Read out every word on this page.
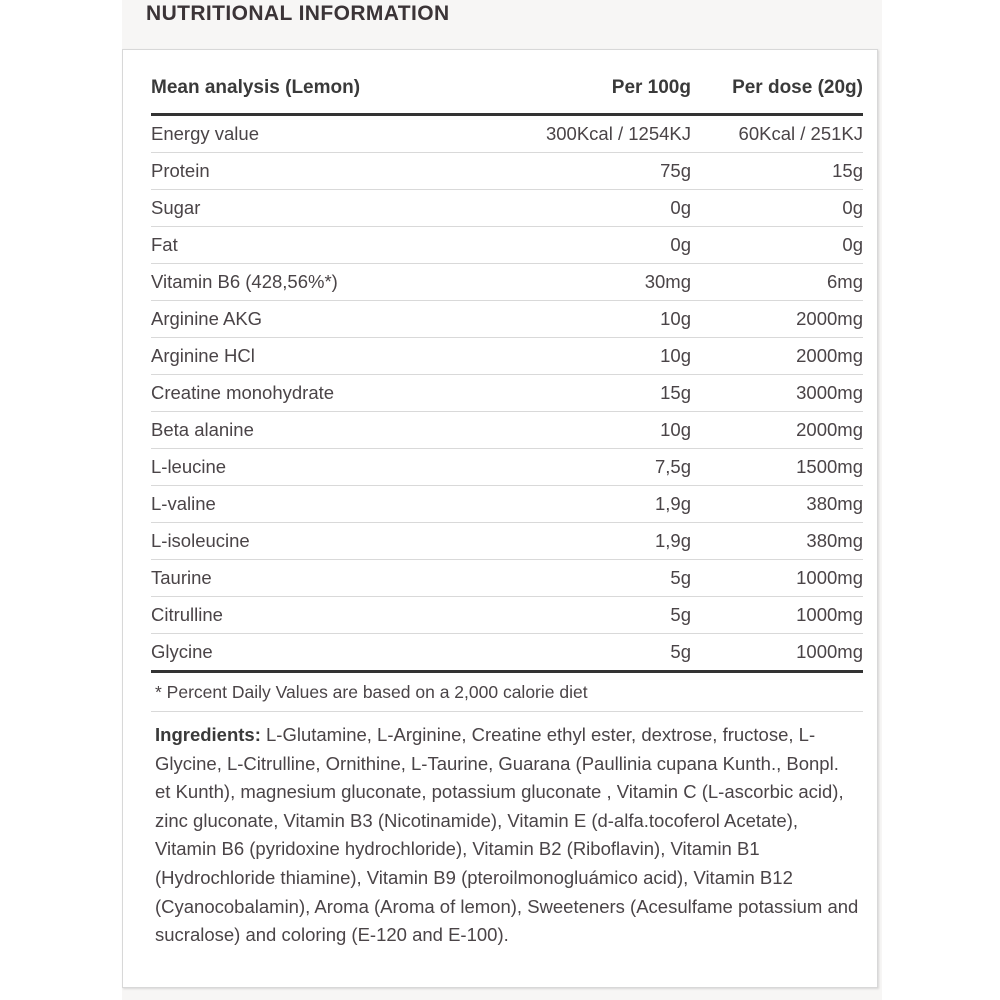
NUTRITIONAL INFORMATION
Mean analysis (Lemon)	Per 100g	Per dose (20g)
Energy value	300Kcal / 1254KJ	60Kcal / 251KJ
Protein	75g	15g
Sugar	0g	0g
Fat	0g	0g
Vitamin B6 (428,56%*)	30mg	6mg
Arginine AKG	10g	2000mg
Arginine HCl	10g	2000mg
Creatine monohydrate	15g	3000mg
Beta alanine	10g	2000mg
L-leucine	7,5g	1500mg
L-valine	1,9g	380mg
L-isoleucine	1,9g	380mg
Taurine	5g	1000mg
Citrulline	5g	1000mg
Glycine	5g	1000mg
* Percent Daily Values are based on a 2,000 calorie diet
Ingredients: L-Glutamine, L-Arginine, Creatine ethyl ester, dextrose, fructose, L-Glycine, L-Citrulline, Ornithine, L-Taurine, Guarana (Paullinia cupana Kunth., Bonpl. et Kunth), magnesium gluconate, potassium gluconate , Vitamin C (L-ascorbic acid), zinc gluconate, Vitamin B3 (Nicotinamide), Vitamin E (d-alfa.tocoferol Acetate), Vitamin B6 (pyridoxine hydrochloride), Vitamin B2 (Riboflavin), Vitamin B1 (Hydrochloride thiamine), Vitamin B9 (pteroilmonogluámico acid), Vitamin B12 (Cyanocobalamin), Aroma (Aroma of lemon), Sweeteners (Acesulfame potassium and sucralose) and coloring (E-120 and E-100).
